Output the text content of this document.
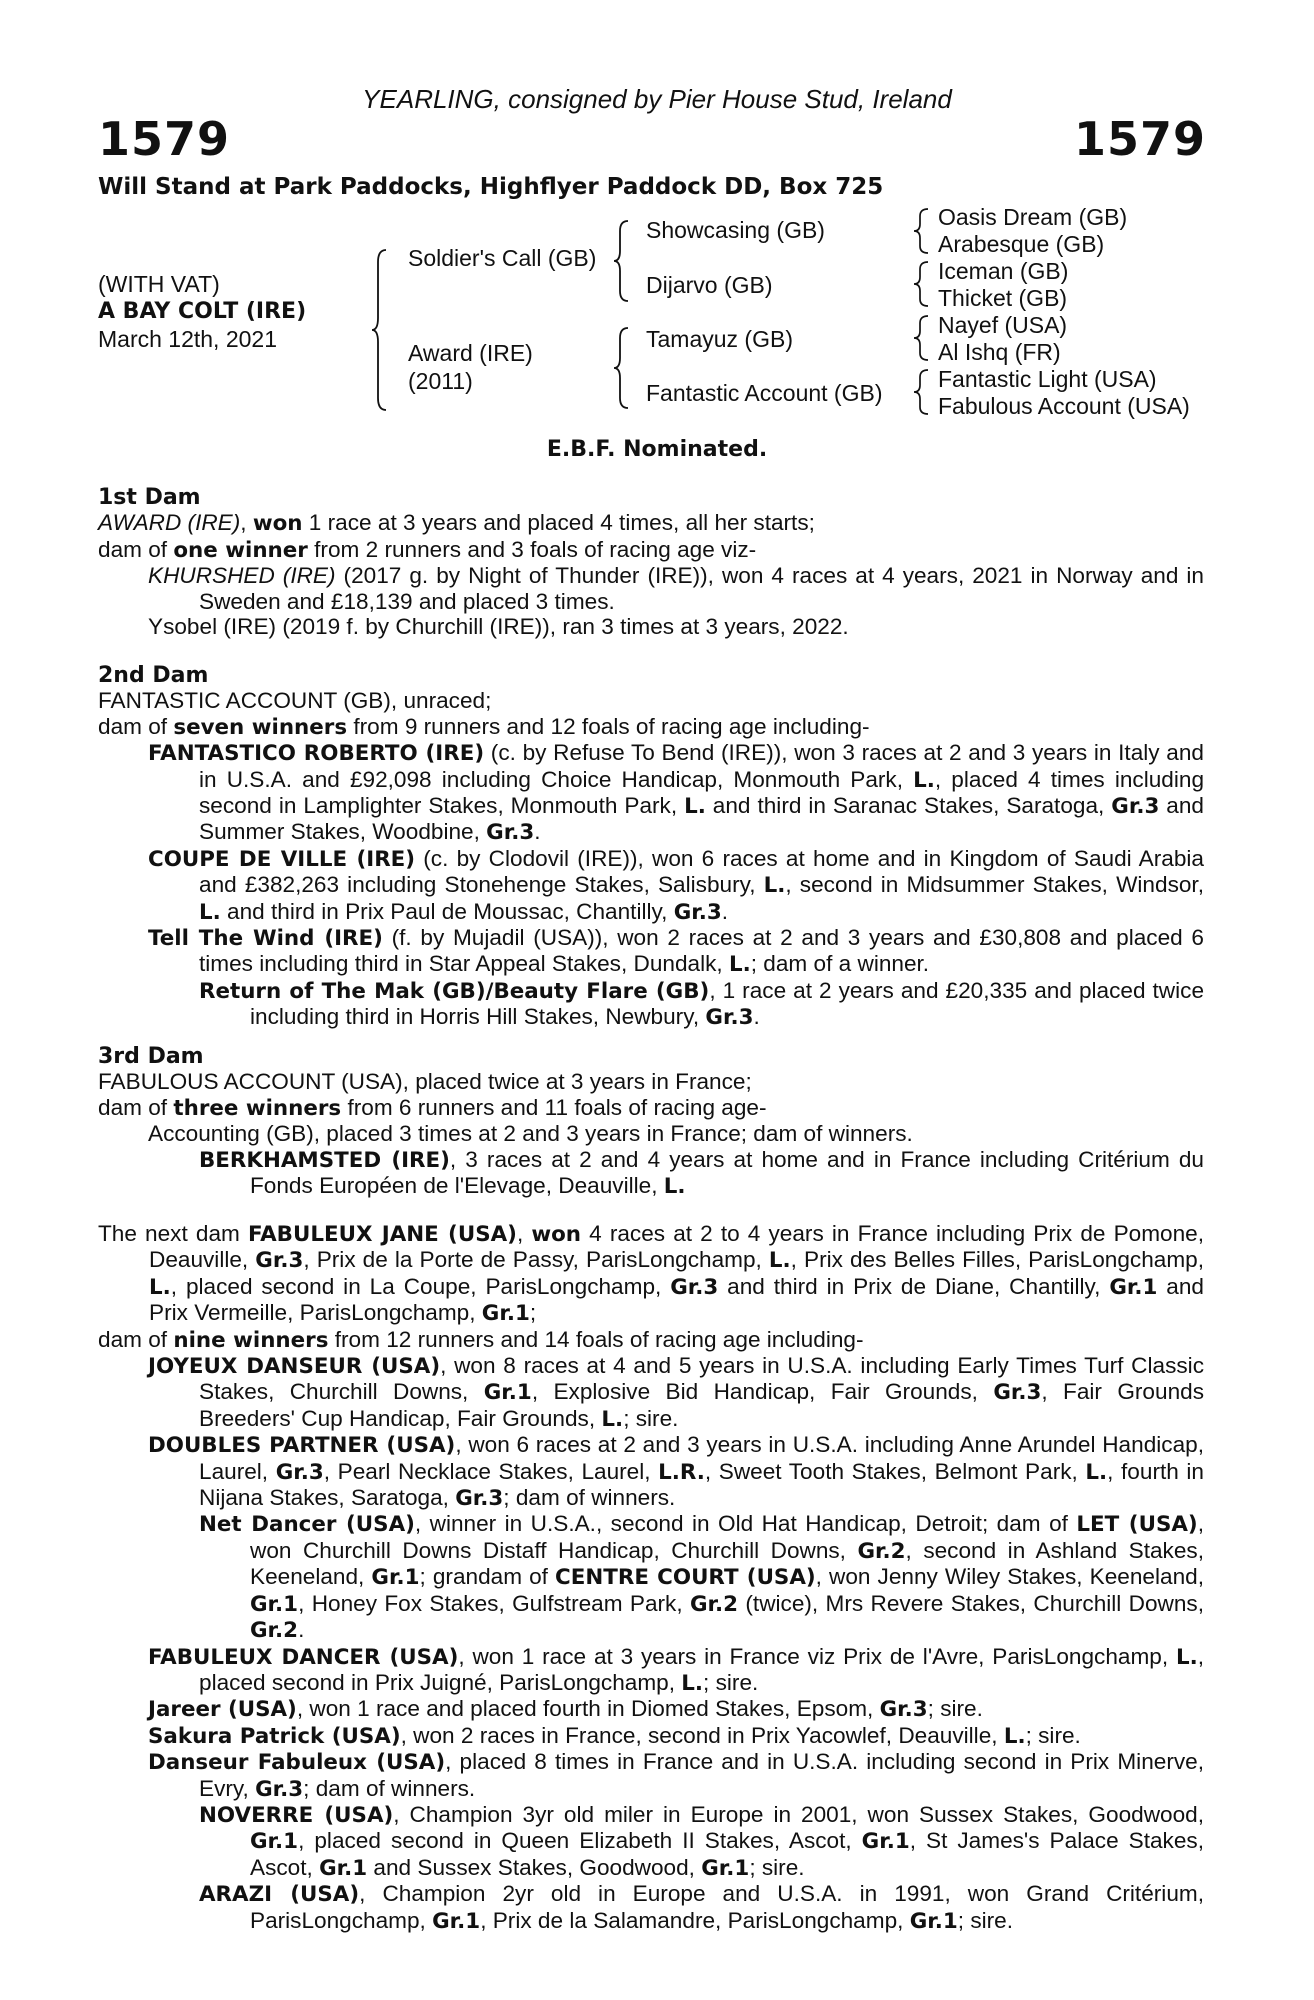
YEARLING, consigned by Pier House Stud, Ireland
1579	1579
Will Stand at Park Paddocks, Highflyer Paddock DD, Box 725
(WITH VAT)
A BAY COLT (IRE)
March 12th, 2021
Soldier's Call (GB)
Award (IRE)
(2011)
Showcasing (GB)
Dijarvo (GB)
Tamayuz (GB)
Fantastic Account (GB)
Oasis Dream (GB)
Arabesque (GB)
Iceman (GB)
Thicket (GB)
Nayef (USA)
Al Ishq (FR)
Fantastic Light (USA)
Fabulous Account (USA)
E.B.F. Nominated.

1st Dam

AWARD (IRE), won 1 race at 3 years and placed 4 times, all her starts;

dam of one winner from 2 runners and 3 foals of racing age viz-

KHURSHED (IRE) (2017 g. by Night of Thunder (IRE)), won 4 races at 4 years, 2021 in Norway and in Sweden and £18,139 and placed 3 times.

Ysobel (IRE) (2019 f. by Churchill (IRE)), ran 3 times at 3 years, 2022.

2nd Dam

FANTASTIC ACCOUNT (GB), unraced;

dam of seven winners from 9 runners and 12 foals of racing age including-

FANTASTICO ROBERTO (IRE) (c. by Refuse To Bend (IRE)), won 3 races at 2 and 3 years in Italy and in U.S.A. and £92,098 including Choice Handicap, Monmouth Park, L., placed 4 times including second in Lamplighter Stakes, Monmouth Park, L. and third in Saranac Stakes, Saratoga, Gr.3 and Summer Stakes, Woodbine, Gr.3.

COUPE DE VILLE (IRE) (c. by Clodovil (IRE)), won 6 races at home and in Kingdom of Saudi Arabia and £382,263 including Stonehenge Stakes, Salisbury, L., second in Midsummer Stakes, Windsor, L. and third in Prix Paul de Moussac, Chantilly, Gr.3.

Tell The Wind (IRE) (f. by Mujadil (USA)), won 2 races at 2 and 3 years and £30,808 and placed 6 times including third in Star Appeal Stakes, Dundalk, L.; dam of a winner.

Return of The Mak (GB)/Beauty Flare (GB), 1 race at 2 years and £20,335 and placed twice including third in Horris Hill Stakes, Newbury, Gr.3.

3rd Dam

FABULOUS ACCOUNT (USA), placed twice at 3 years in France;

dam of three winners from 6 runners and 11 foals of racing age-

Accounting (GB), placed 3 times at 2 and 3 years in France; dam of winners.

BERKHAMSTED (IRE), 3 races at 2 and 4 years at home and in France including Critérium du Fonds Européen de l'Elevage, Deauville, L.

The next dam FABULEUX JANE (USA), won 4 races at 2 to 4 years in France including Prix de Pomone, Deauville, Gr.3, Prix de la Porte de Passy, ParisLongchamp, L., Prix des Belles Filles, ParisLongchamp, L., placed second in La Coupe, ParisLongchamp, Gr.3 and third in Prix de Diane, Chantilly, Gr.1 and Prix Vermeille, ParisLongchamp, Gr.1;

dam of nine winners from 12 runners and 14 foals of racing age including-

JOYEUX DANSEUR (USA), won 8 races at 4 and 5 years in U.S.A. including Early Times Turf Classic Stakes, Churchill Downs, Gr.1, Explosive Bid Handicap, Fair Grounds, Gr.3, Fair Grounds Breeders' Cup Handicap, Fair Grounds, L.; sire.

DOUBLES PARTNER (USA), won 6 races at 2 and 3 years in U.S.A. including Anne Arundel Handicap, Laurel, Gr.3, Pearl Necklace Stakes, Laurel, L.R., Sweet Tooth Stakes, Belmont Park, L., fourth in Nijana Stakes, Saratoga, Gr.3; dam of winners.

Net Dancer (USA), winner in U.S.A., second in Old Hat Handicap, Detroit; dam of LET (USA), won Churchill Downs Distaff Handicap, Churchill Downs, Gr.2, second in Ashland Stakes, Keeneland, Gr.1; grandam of CENTRE COURT (USA), won Jenny Wiley Stakes, Keeneland, Gr.1, Honey Fox Stakes, Gulfstream Park, Gr.2 (twice), Mrs Revere Stakes, Churchill Downs, Gr.2.

FABULEUX DANCER (USA), won 1 race at 3 years in France viz Prix de l'Avre, ParisLongchamp, L., placed second in Prix Juigné, ParisLongchamp, L.; sire.

Jareer (USA), won 1 race and placed fourth in Diomed Stakes, Epsom, Gr.3; sire.

Sakura Patrick (USA), won 2 races in France, second in Prix Yacowlef, Deauville, L.; sire.

Danseur Fabuleux (USA), placed 8 times in France and in U.S.A. including second in Prix Minerve, Evry, Gr.3; dam of winners.

NOVERRE (USA), Champion 3yr old miler in Europe in 2001, won Sussex Stakes, Goodwood, Gr.1, placed second in Queen Elizabeth II Stakes, Ascot, Gr.1, St James's Palace Stakes, Ascot, Gr.1 and Sussex Stakes, Goodwood, Gr.1; sire.

ARAZI (USA), Champion 2yr old in Europe and U.S.A. in 1991, won Grand Critérium, ParisLongchamp, Gr.1, Prix de la Salamandre, ParisLongchamp, Gr.1; sire.
